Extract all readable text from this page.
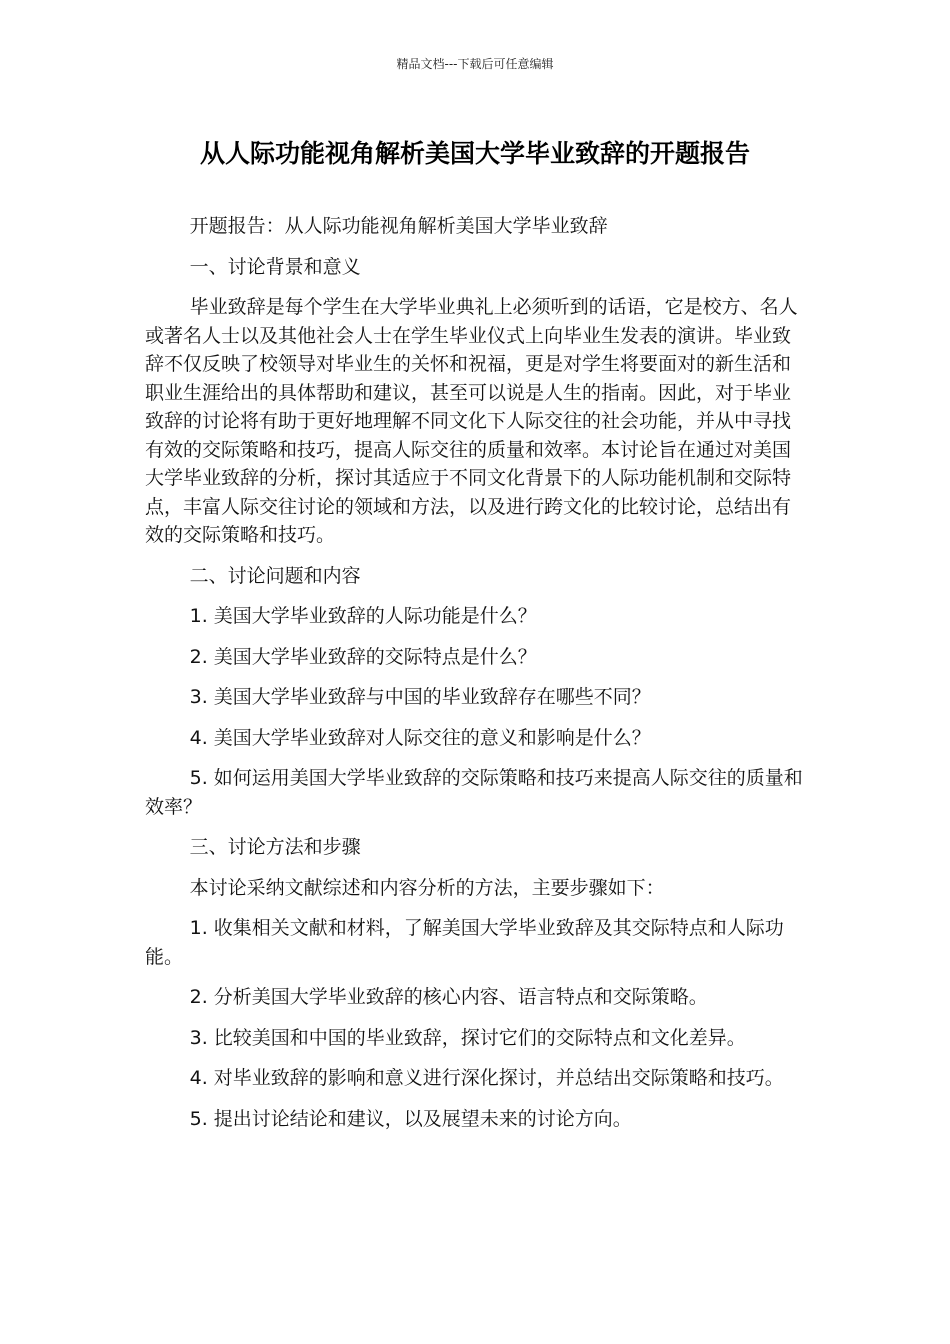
精品文档---下载后可任意编辑
从人际功能视角解析美国大学毕业致辞的开题报告

开题报告：从人际功能视角解析美国大学毕业致辞

一、讨论背景和意义

毕业致辞是每个学生在大学毕业典礼上必须听到的话语，它是校方、名人或著名人士以及其他社会人士在学生毕业仪式上向毕业生发表的演讲。毕业致辞不仅反映了校领导对毕业生的关怀和祝福，更是对学生将要面对的新生活和职业生涯给出的具体帮助和建议，甚至可以说是人生的指南。因此，对于毕业致辞的讨论将有助于更好地理解不同文化下人际交往的社会功能，并从中寻找有效的交际策略和技巧，提高人际交往的质量和效率。本讨论旨在通过对美国大学毕业致辞的分析，探讨其适应于不同文化背景下的人际功能机制和交际特点，丰富人际交往讨论的领域和方法，以及进行跨文化的比较讨论，总结出有效的交际策略和技巧。

二、讨论问题和内容

1. 美国大学毕业致辞的人际功能是什么？

2. 美国大学毕业致辞的交际特点是什么？

3. 美国大学毕业致辞与中国的毕业致辞存在哪些不同？

4. 美国大学毕业致辞对人际交往的意义和影响是什么？

5. 如何运用美国大学毕业致辞的交际策略和技巧来提高人际交往的质量和效率？

三、讨论方法和步骤

本讨论采纳文献综述和内容分析的方法，主要步骤如下：

1. 收集相关文献和材料，了解美国大学毕业致辞及其交际特点和人际功能。

2. 分析美国大学毕业致辞的核心内容、语言特点和交际策略。

3. 比较美国和中国的毕业致辞，探讨它们的交际特点和文化差异。

4. 对毕业致辞的影响和意义进行深化探讨，并总结出交际策略和技巧。

5. 提出讨论结论和建议，以及展望未来的讨论方向。
